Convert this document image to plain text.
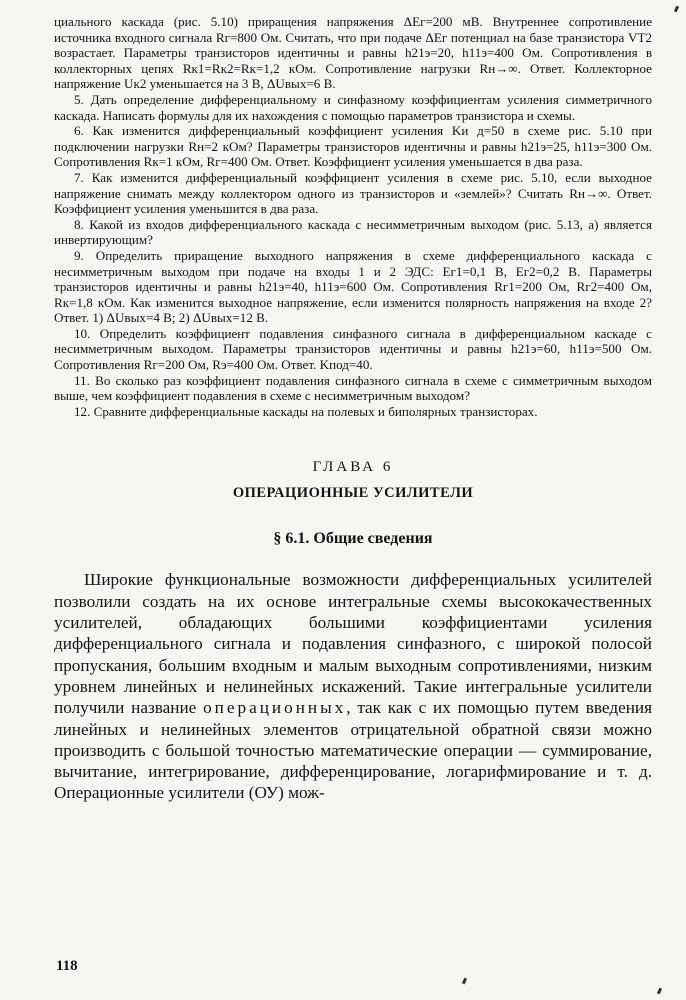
циального каскада (рис. 5.10) приращения напряжения ΔEг=200 мВ. Внутреннее сопротивление источника входного сигнала Rг=800 Ом. Считать, что при подаче ΔEг потенциал на базе транзистора VT2 возрастает. Параметры транзисторов идентичны и равны h21э=20, h11э=400 Ом. Сопротивления в коллекторных цепях Rк1=Rк2=Rк=1,2 кОм. Сопротивление нагрузки Rн→∞. Ответ. Коллекторное напряжение Uк2 уменьшается на 3 В, ΔUвых=6 В.

5. Дать определение дифференциальному и синфазному коэффициентам усиления симметричного каскада. Написать формулы для их нахождения с помощью параметров транзистора и схемы.

6. Как изменится дифференциальный коэффициент усиления Kи д=50 в схеме рис. 5.10 при подключении нагрузки Rн=2 кОм? Параметры транзисторов идентичны и равны h21э=25, h11э=300 Ом. Сопротивления Rк=1 кОм, Rг=400 Ом. Ответ. Коэффициент усиления уменьшается в два раза.

7. Как изменится дифференциальный коэффициент усиления в схеме рис. 5.10, если выходное напряжение снимать между коллектором одного из транзисторов и «землей»? Считать Rн→∞. Ответ. Коэффициент усиления уменьшится в два раза.

8. Какой из входов дифференциального каскада с несимметричным выходом (рис. 5.13, а) является инвертирующим?

9. Определить приращение выходного напряжения в схеме дифференциального каскада с несимметричным выходом при подаче на входы 1 и 2 ЭДС: Eг1=0,1 В, Eг2=0,2 В. Параметры транзисторов идентичны и равны h21э=40, h11э=600 Ом. Сопротивления Rг1=200 Ом, Rг2=400 Ом, Rк=1,8 кОм. Как изменится выходное напряжение, если изменится полярность напряжения на входе 2? Ответ. 1) ΔUвых=4 В; 2) ΔUвых=12 В.

10. Определить коэффициент подавления синфазного сигнала в дифференциальном каскаде с несимметричным выходом. Параметры транзисторов идентичны и равны h21э=60, h11э=500 Ом. Сопротивления Rг=200 Ом, Rэ=400 Ом. Ответ. Kпод=40.

11. Во сколько раз коэффициент подавления синфазного сигнала в схеме с симметричным выходом выше, чем коэффициент подавления в схеме с несимметричным выходом?

12. Сравните дифференциальные каскады на полевых и биполярных транзисторах.

ГЛАВА 6
ОПЕРАЦИОННЫЕ УСИЛИТЕЛИ
§ 6.1. Общие сведения

Широкие функциональные возможности дифференциальных усилителей позволили создать на их основе интегральные схемы высококачественных усилителей, обладающих большими коэффициентами усиления дифференциального сигнала и подавления синфазного, с широкой полосой пропускания, большим входным и малым выходным сопротивлениями, низким уровнем линейных и нелинейных искажений. Такие интегральные усилители получили название операционных, так как с их помощью путем введения линейных и нелинейных элементов отрицательной обратной связи можно производить с большой точностью математические операции — суммирование, вычитание, интегрирование, дифференцирование, логарифмирование и т. д. Операционные усилители (ОУ) мож-

118
